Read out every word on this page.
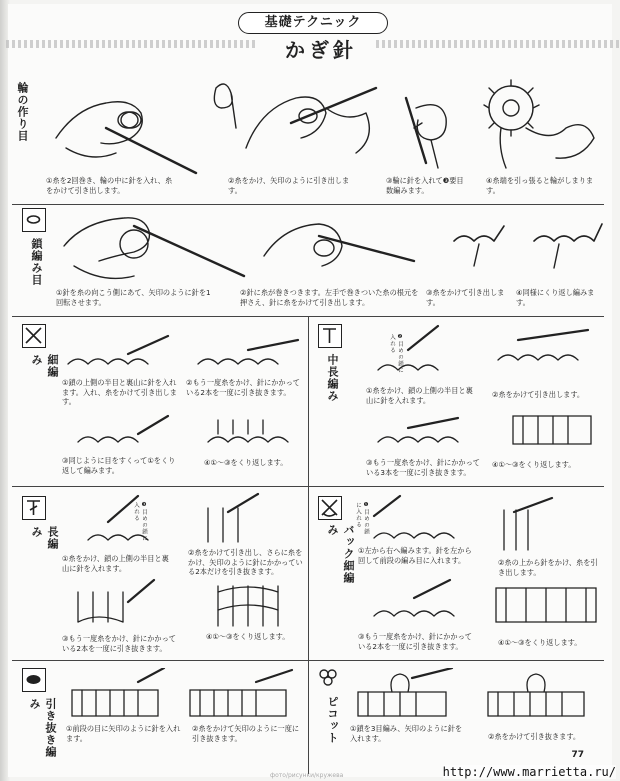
基礎テクニック
かぎ針
輪の作り目
①糸を2回巻き、輪の中に針を入れ、糸をかけて引き出します。
②糸をかけ、矢印のように引き出します。
③輪に針を入れて❸要目数編みます。
④糸端を引っ張ると輪がしまります。
鎖編み目
①針を糸の向こう側にあて、矢印のように針を1回転させます。
②針に糸が巻きつきます。左手で巻きついた糸の根元を押さえ、針に糸をかけて引き出します。
③糸をかけて引き出します。
④同様にくり返し編みます。
細編み
①鎖の上側の半目と裏山に針を入れます。入れ、糸をかけて引き出します。
②もう一度糸をかけ、針にかかっている2本を一度に引き抜きます。
③同じように目をすくって①をくり返して編みます。
④①〜③をくり返します。
中長編み
❷目めの鎖に入れる
①糸をかけ、鎖の上側の半目と裏山に針を入れます。
②糸をかけて引き出します。
③もう一度糸をかけ、針にかかっている3本を一度に引き抜きます。
④①〜③をくり返します。
長編み	❸目めの鎖に入れる
①糸をかけ、鎖の上側の半目と裏山に針を入れます。
②糸をかけて引き出し、さらに糸をかけ、矢印のように針にかかっている2本だけを引き抜きます。
③もう一度糸をかけ、針にかかっている2本を一度に引き抜きます。
④①〜③をくり返します。
バック細編み	❶目めの鎖に入れる
①左から右へ編みます。針を左から回して前段の編み目に入れます。	②糸の上から針をかけ、糸を引き出します。
③もう一度糸をかけ、針にかかっている2本を一度に引き抜きます。	④①〜③をくり返します。
引き抜き編み
①前段の目に矢印のように針を入れます。
②糸をかけて矢印のように一度に引き抜きます。	ピコット ①鎖を3目編み、矢印のように針を入れます。	②糸をかけて引き抜きます。
77
фото/рисунки/кружева	http://www.marrietta.ru/
